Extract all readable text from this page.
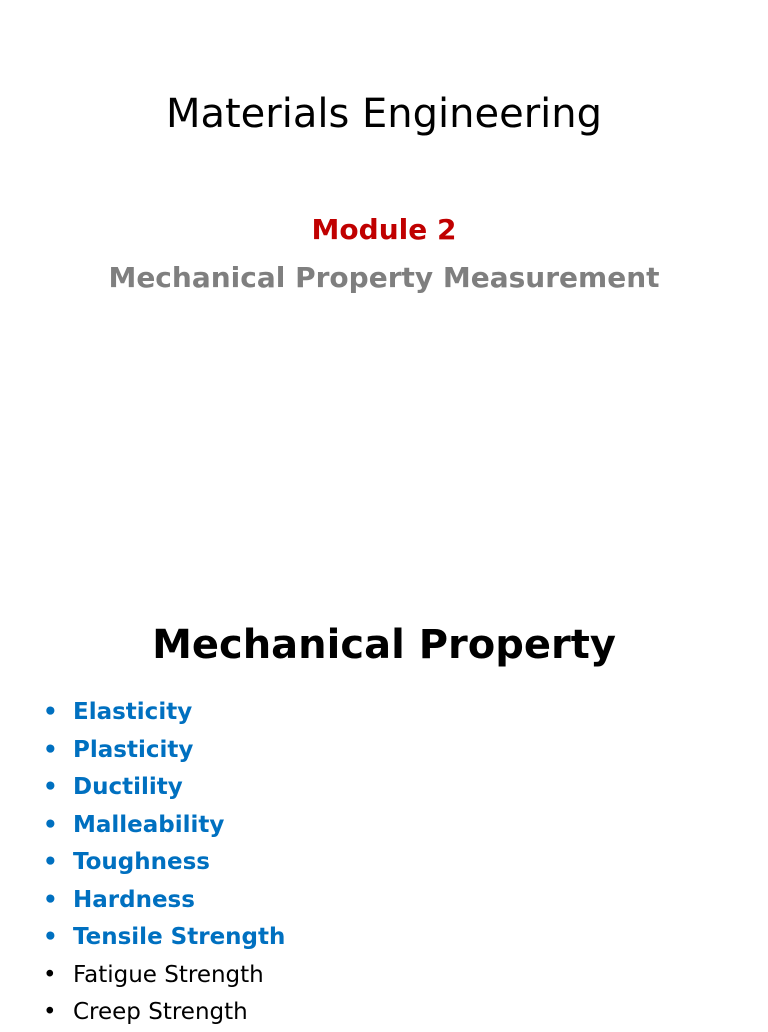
Materials Engineering
Module 2
Mechanical Property Measurement
Mechanical Property
• Elasticity
• Plasticity
• Ductility
• Malleability
• Toughness
• Hardness
• Tensile Strength
• Fatigue Strength
• Creep Strength
